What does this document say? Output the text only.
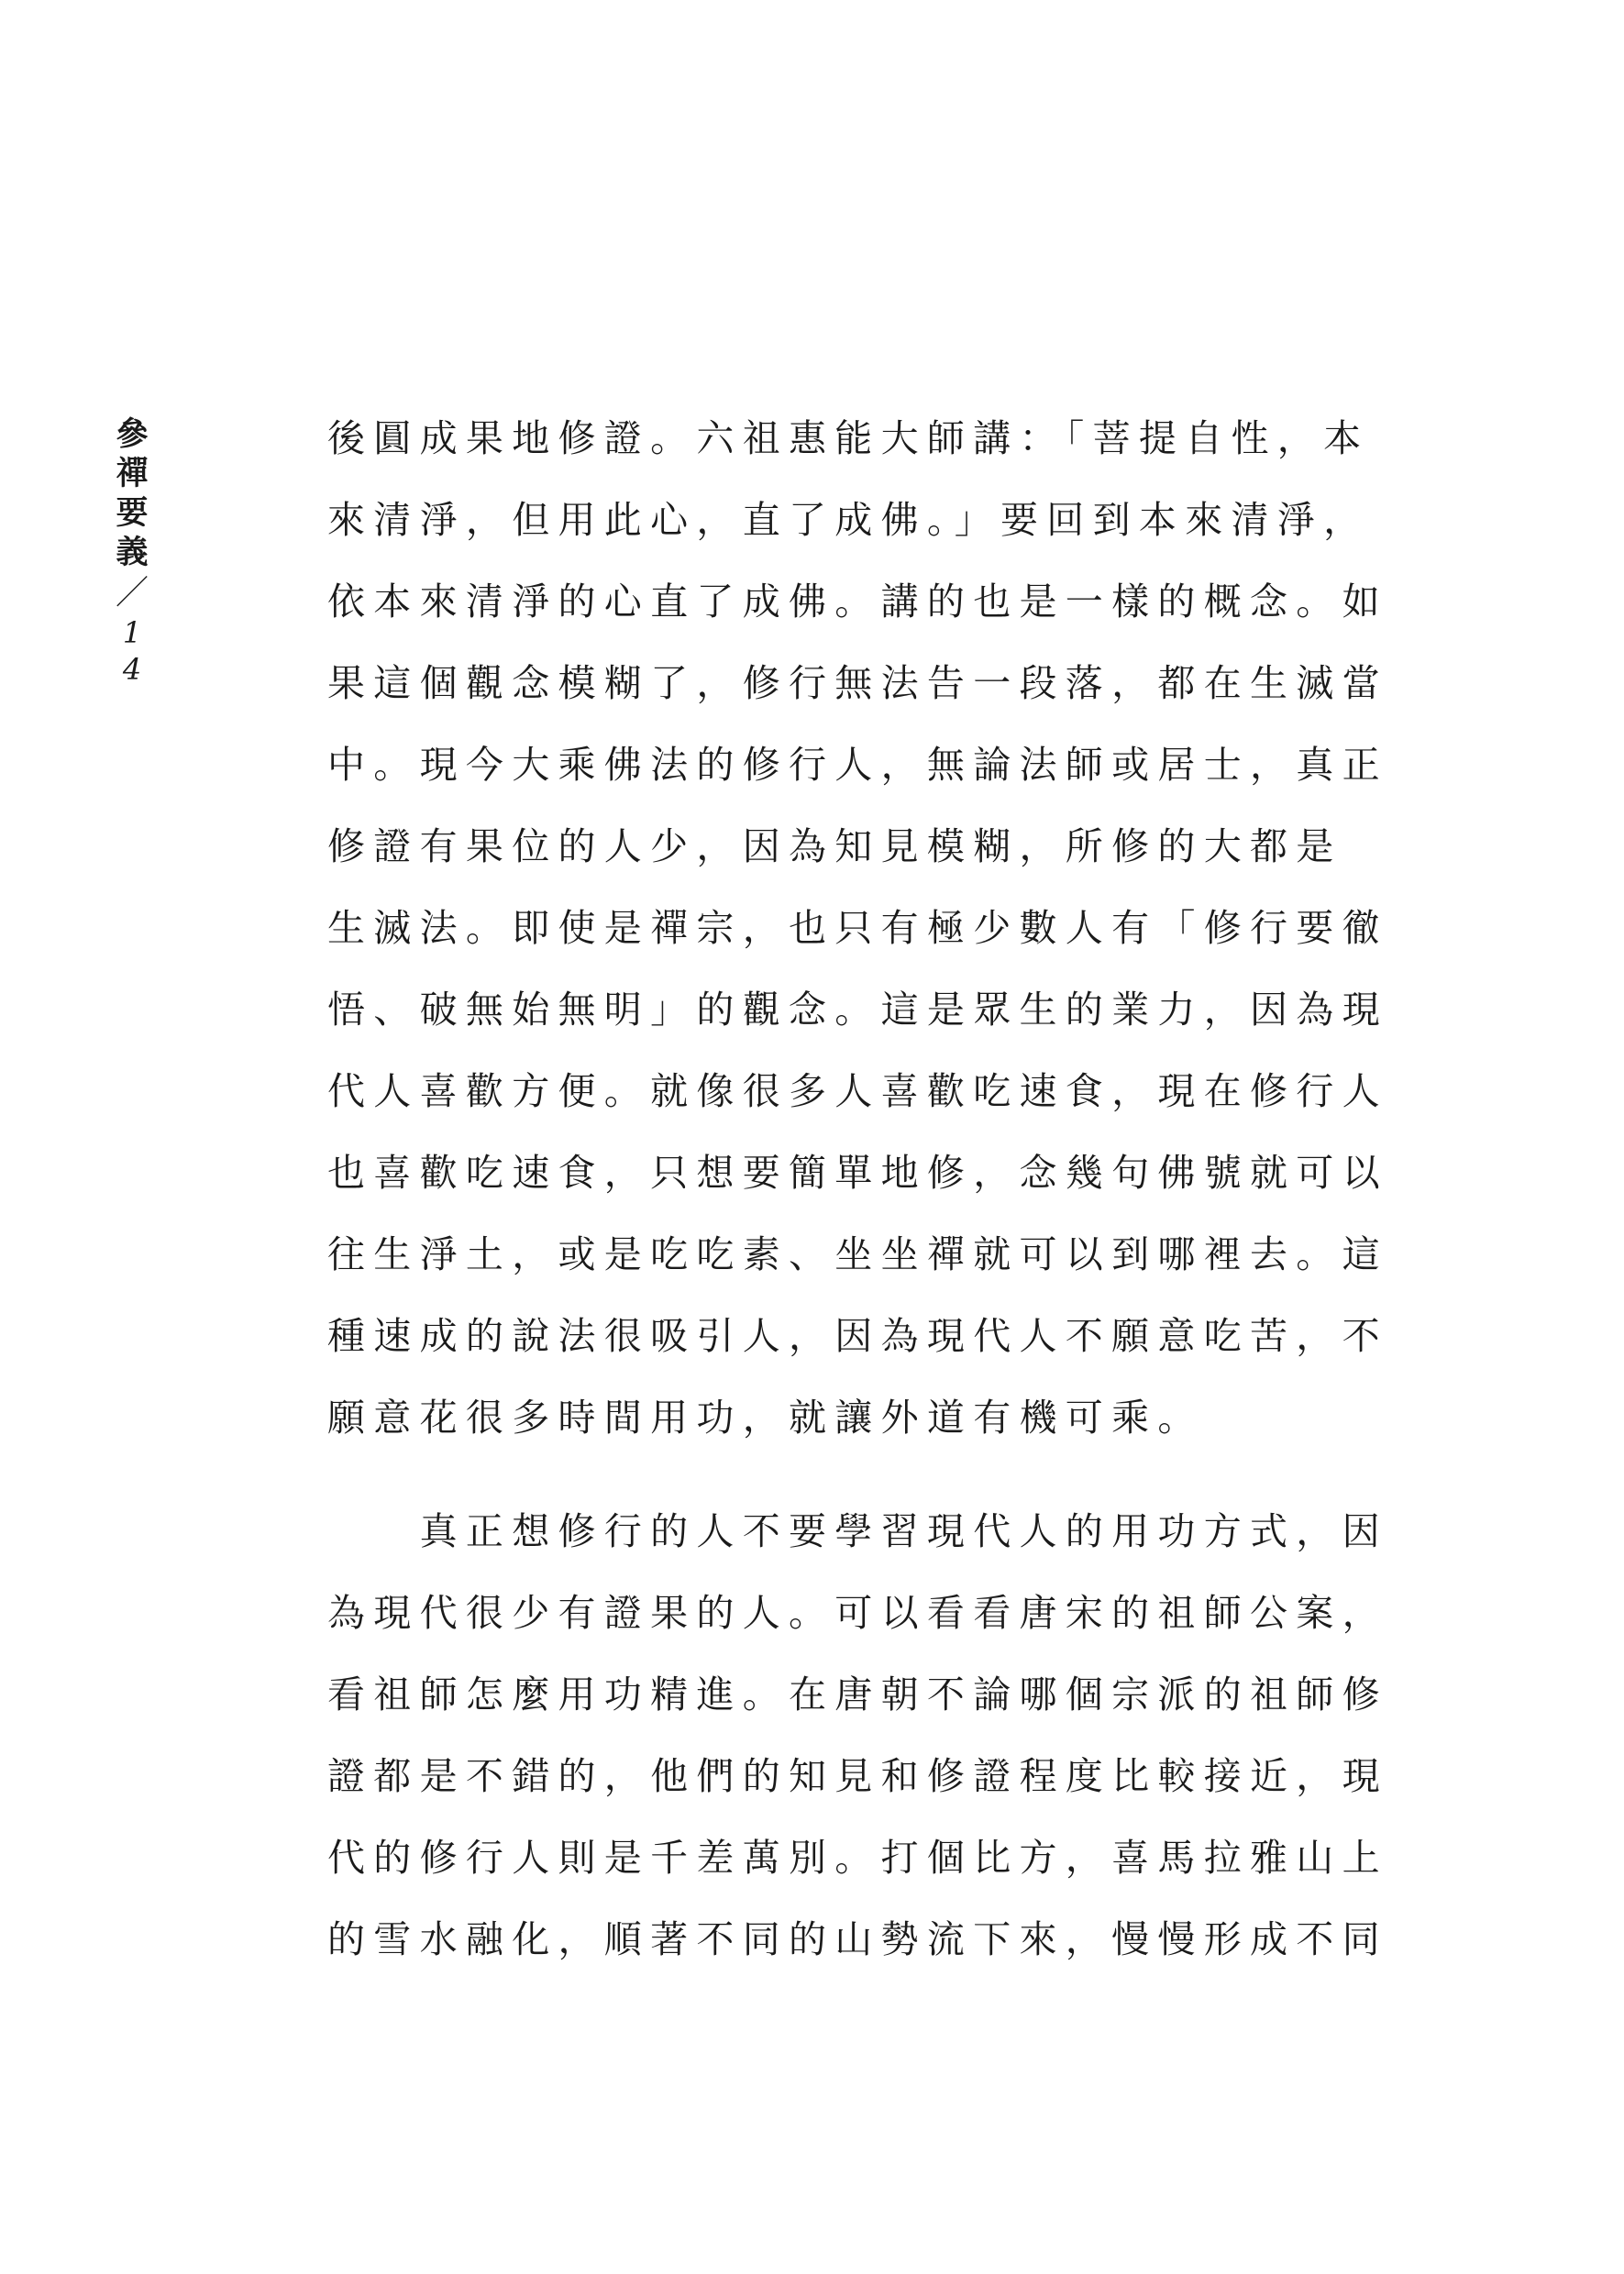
參
禪
要
義
／
1
4
後圓成果地修證。六祖惠能大師講：「菩提自性，本
來清淨，但用此心，直了成佛。」要回到本來清淨，
依本來清淨的心直了成佛。講的也是一樣的概念。如
果這個觀念模糊了，修行無法告一段落，都在生滅當
中。現今大乘佛法的修行人，無論法師或居士，真正
修證有果位的人少，因為知見模糊，所修的大都是
生滅法。即使是禪宗，也只有極少數人有「修行要徹
悟、破無始無明」的觀念。這是眾生的業力，因為現
代人喜歡方便。就像很多人喜歡吃速食，現在修行人
也喜歡吃速食，只想要簡單地修，念幾句佛號就可以
往生淨土，或是吃吃素、坐坐禪就可以到哪裡去。這
種速成的說法很吸引人，因為現代人不願意吃苦，不
願意花很多時間用功，就讓外道有機可乘。
　　真正想修行的人不要學習現代人的用功方式，因
為現代很少有證果的人。可以看看唐宋的祖師公案，
看祖師怎麼用功精進。在唐朝不論哪個宗派的祖師修
證都是不錯的，他們的知見和修證程度比較接近，現
代的修行人則是千差萬別。打個比方，喜馬拉雅山上
的雪水融化，順著不同的山勢流下來，慢慢形成不同
